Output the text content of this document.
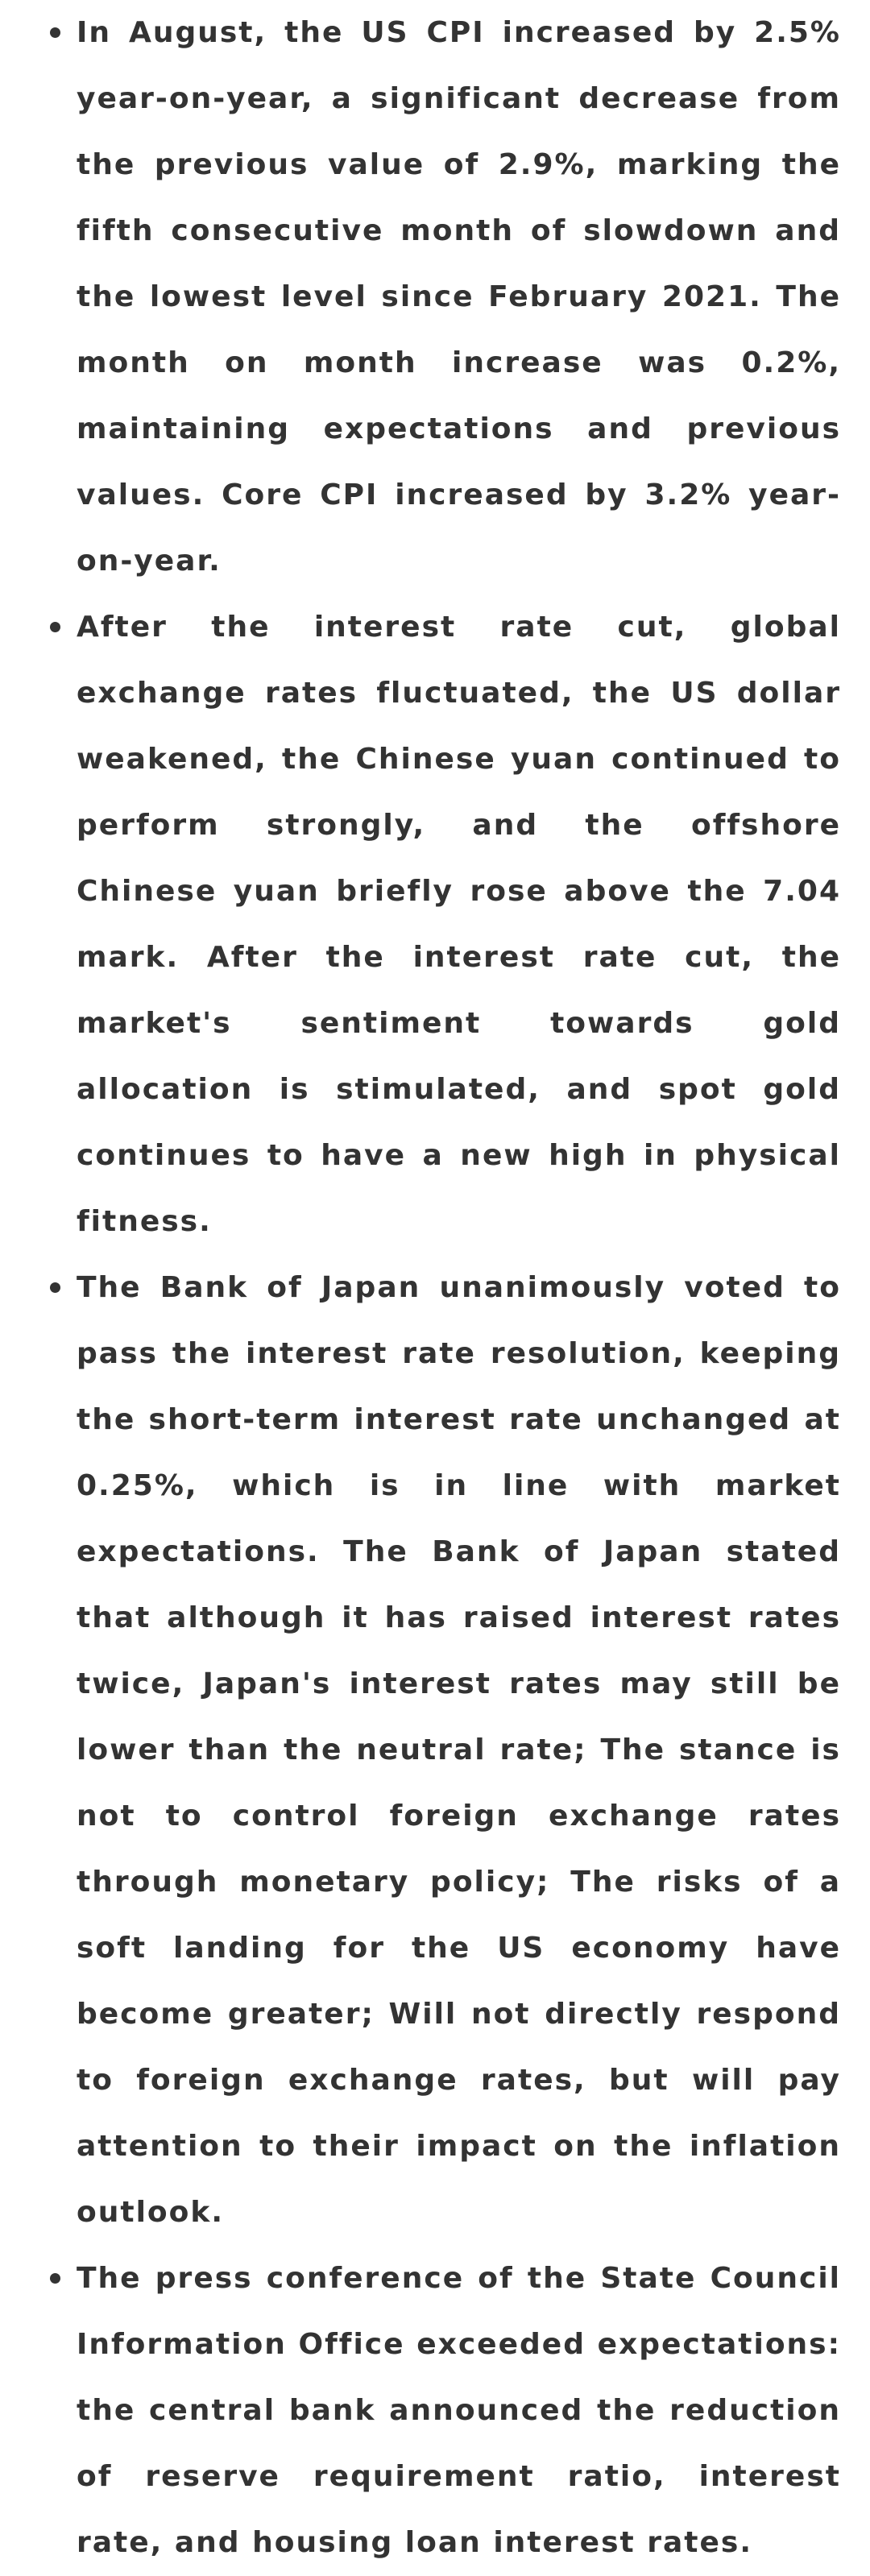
In August, the US CPI increased by 2.5% year-on-year, a significant decrease from the previous value of 2.9%, marking the fifth consecutive month of slowdown and the lowest level since February 2021. The month on month increase was 0.2%, maintaining expectations and previous values. Core CPI increased by 3.2% year-on-year.
After the interest rate cut, global exchange rates fluctuated, the US dollar weakened, the Chinese yuan continued to perform strongly, and the offshore Chinese yuan briefly rose above the 7.04 mark. After the interest rate cut, the market's sentiment towards gold allocation is stimulated, and spot gold continues to have a new high in physical fitness.
The Bank of Japan unanimously voted to pass the interest rate resolution, keeping the short-term interest rate unchanged at 0.25%, which is in line with market expectations. The Bank of Japan stated that although it has raised interest rates twice, Japan's interest rates may still be lower than the neutral rate; The stance is not to control foreign exchange rates through monetary policy; The risks of a soft landing for the US economy have become greater; Will not directly respond to foreign exchange rates, but will pay attention to their impact on the inflation outlook.
The press conference of the State Council Information Office exceeded expectations: the central bank announced the reduction of reserve requirement ratio, interest rate, and housing loan interest rates.
